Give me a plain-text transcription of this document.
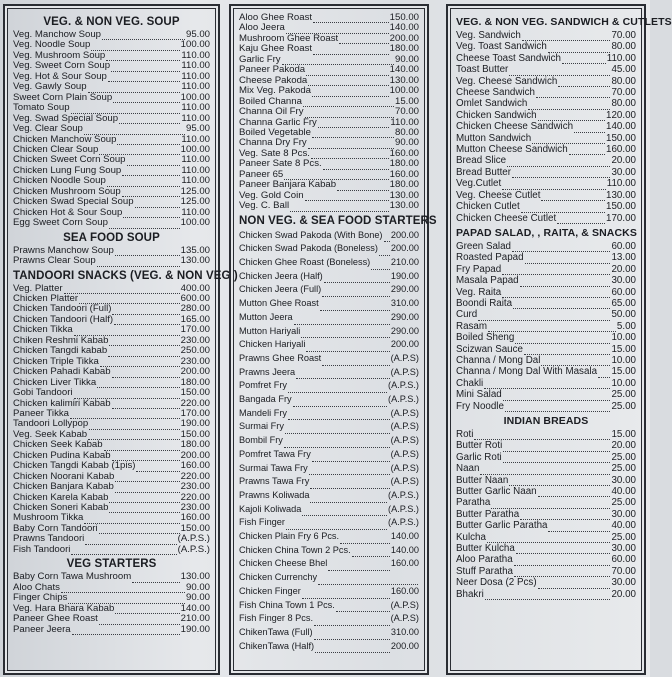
VEG. & NON VEG. SOUP
Veg. Manchow Soup	95.00
Veg. Noodle Soup	100.00
Veg. Mushroom Soup	110.00
Veg. Sweet Corn Soup	110.00
Veg. Hot & Sour Soup	110.00
Veg. Gawly Soup	110.00
Sweet Corn Plain Soup	100.00
Tomato Soup	110.00
Veg. Swad Special Soup	110.00
Veg. Clear Soup	95.00
Chicken Manchow Soup	110.00
Chicken Clear Soup	100.00
Chicken Sweet Corn Soup	110.00
Chicken Lung Fung Soup	110.00
Chicken Noodle Soup	110.00
Chicken Mushroom Soup	125.00
Chicken Swad Special Soup	125.00
Chicken Hot & Sour Soup	110.00
Egg Sweet Corn Soup	100.00
SEA FOOD SOUP
Prawns Manchow Soup	135.00
Prawns Clear Soup	130.00
TANDOORI SNACKS (VEG. & NON VEG.)
Veg. Platter	400.00
Chicken Platter	600.00
Chicken Tandoori (Full)	280.00
Chicken Tandoori (Half)	165.00
Chicken Tikka	170.00
Chiken Reshmi Kabab	230.00
Chicken Tangdi kabab	250.00
Chicken Triple Tikka	230.00
Chicken Pahadi Kabab	200.00
Chicken Liver Tikka	180.00
Gobi Tandoori	150.00
Chicken kalimiri Kabab	220.00
Paneer Tikka	170.00
Tandoori Lollypop	190.00
Veg. Seek Kabab	150.00
Chicken Seek Kabab	180.00
Chicken Pudina Kabab	200.00
Chicken Tangdi Kabab (1pis)	160.00
Chicken Noorani Kabab	220.00
Chicken Banjara Kabab	230.00
Chicken Karela Kabab	220.00
Chicken Soneri Kabab	230.00
Mushroom Tikka	160.00
Baby Corn Tandoori	150.00
Prawns Tandoori	(A.P.S.)
Fish Tandoori	(A.P.S.)
VEG STARTERS
Baby Corn Tawa Mushroom	130.00
Aloo Chats	90.00
Finger Chips	90.00
Veg. Hara Bhara Kabab	140.00
Paneer Ghee Roast	210.00
Paneer Jeera	190.00
Aloo Ghee Roast	150.00
Aloo Jeera	140.00
Mushroom Ghee Roast	200.00
Kaju Ghee Roast	180.00
Garlic Fry	90.00
Paneer Pakoda	140.00
Cheese Pakoda	130.00
Mix Veg. Pakoda	100.00
Boiled Channa	15.00
Channa Oil Fry	70.00
Channa Garlic Fry	110.00
Boiled Vegetable	80.00
Channa Dry Fry	90.00
Veg. Sate 8 Pcs.	160.00
Paneer Sate 8 Pcs.	180.00
Paneer 65	160.00
Paneer Banjara Kabab	180.00
Veg. Gold Coin	130.00
Veg. C. Ball	130.00
NON VEG. & SEA FOOD STARTERS
Chicken Swad Pakoda (With Bone) 200.00
Chicken Swad Pakoda (Boneless) 200.00
Chicken Ghee Roast (Boneless) 210.00
Chicken Jeera (Half)	190.00
Chicken Jeera (Full)	290.00
Mutton Ghee Roast	310.00
Mutton Jeera	290.00
Mutton Hariyali	290.00
Chicken Hariyali	200.00
Prawns Ghee Roast	(A.P.S)
Prawns Jeera	(A.P.S)
Pomfret Fry	(A.P.S.)
Bangada Fry	(A.P.S.)
Mandeli Fry	(A.P.S)
Surmai Fry	(A.P.S)
Bombil Fry	(A.P.S)
Pomfret Tawa Fry	(A.P.S)
Surmai Tawa Fry	(A.P.S)
Prawns Tawa Fry	(A.P.S)
Prawns Koliwada	(A.P.S.)
Kajoli Koliwada	(A.P.S.)
Fish Finger	(A.P.S.)
Chicken Plain Fry 6 Pcs.	140.00
Chicken China Town 2 Pcs.	140.00
Chicken Cheese Bhel	160.00
Chicken Currenchy
Chicken Finger	160.00
Fish China Town 1 Pcs.	(A.P.S)
Fish Finger 8 Pcs.	(A.P.S)
ChikenTawa (Full)	310.00
ChikenTawa (Half)	200.00
VEG. & NON VEG. SANDWICH & CUTLETS
Veg. Sandwich	70.00
Veg. Toast Sandwich	80.00
Cheese Toast Sandwich	110.00
Toast Butter	45.00
Veg. Cheese Sandwich	80.00
Cheese Sandwich	70.00
Omlet Sandwich	80.00
Chicken Sandwich	120.00
Chicken Cheese Sandwich	140.00
Mutton Sandwich	150.00
Mutton Cheese Sandwich	160.00
Bread Slice	20.00
Bread Butter	30.00
Veg.Cutlet	110.00
Veg. Cheese Cutlet	130.00
Chicken Cutlet	150.00
Chicken Cheese Cutlet	170.00
PAPAD SALAD, , RAITA, & SNACKS
Green Salad	60.00
Roasted Papad	13.00
Fry Papad	20.00
Masala Papad	30.00
Veg. Raita	60.00
Boondi Raita	65.00
Curd	50.00
Rasam	5.00
Boiled Sheng	10.00
Scizwan Sauce	15.00
Channa / Mong Dal	10.00
Channa / Mong Dal With Masala 15.00
Chakli	10.00
Mini Salad	25.00
Fry Noodle	25.00
INDIAN BREADS
Roti	15.00
Butter Roti	20.00
Garlic Roti	25.00
Naan	25.00
Butter Naan	30.00
Butter Garlic Naan	40.00
Paratha	25.00
Butter Paratha	30.00
Butter Garlic Paratha	40.00
Kulcha	25.00
Butter Kulcha	30.00
Aloo Paratha	60.00
Stuff Paratha	70.00
Neer Dosa (2 Pcs)	30.00
Bhakri	20.00
